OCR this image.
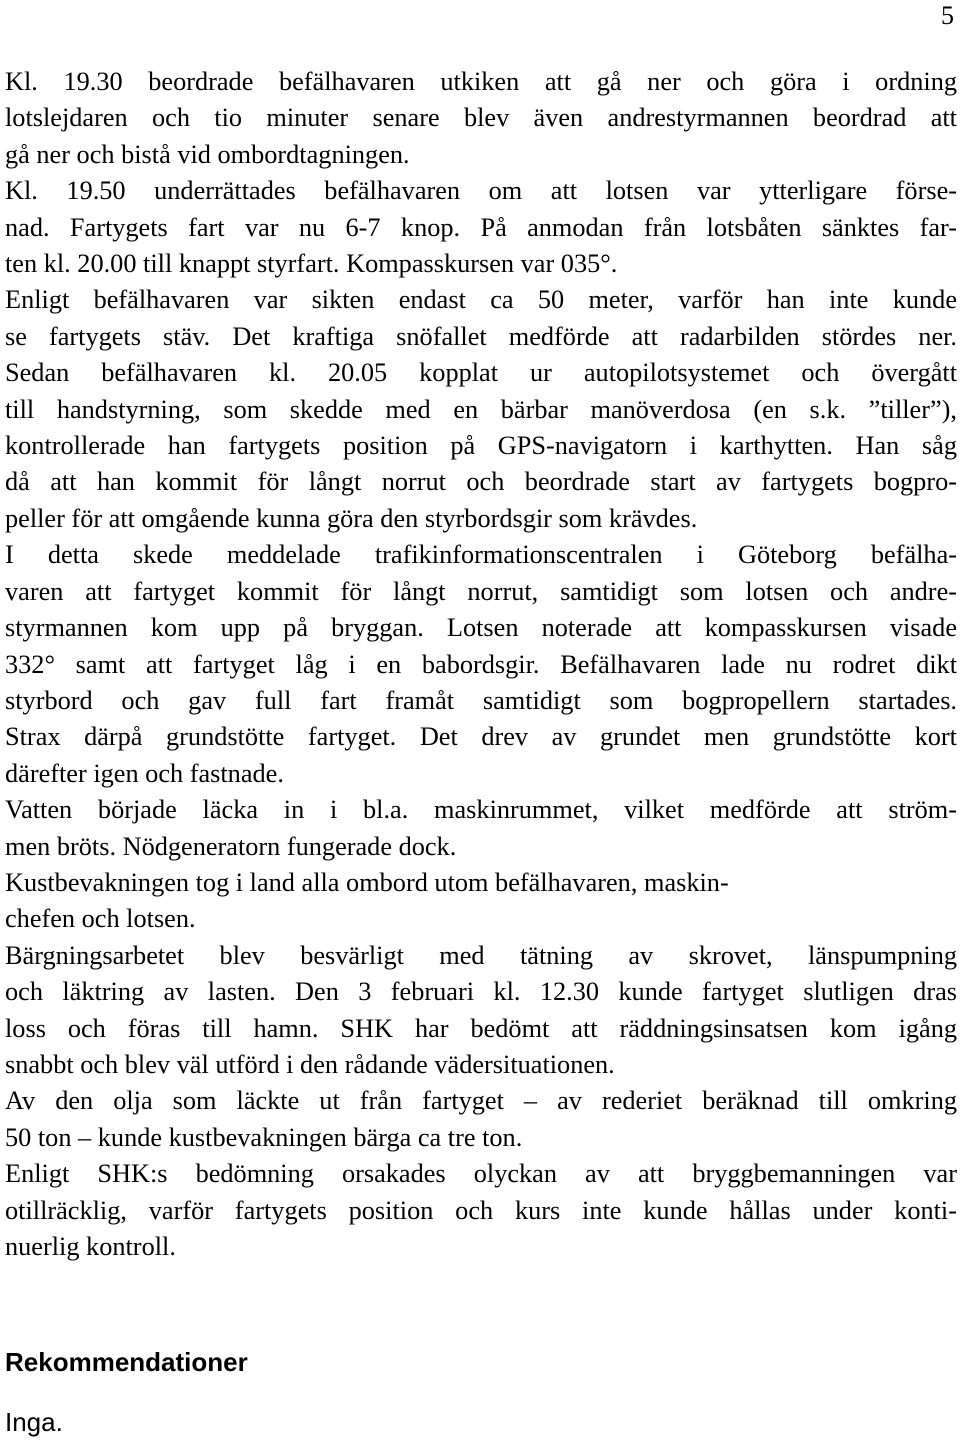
5
Kl. 19.30 beordrade befälhavaren utkiken att gå ner och göra i ordning
lotslejdaren och tio minuter senare blev även andrestyrmannen beordrad att
gå ner och bistå vid ombordtagningen.
Kl. 19.50 underrättades befälhavaren om att lotsen var ytterligare förse-
nad. Fartygets fart var nu 6-7 knop. På anmodan från lotsbåten sänktes far-
ten kl. 20.00 till knappt styrfart. Kompasskursen var 035°.
Enligt befälhavaren var sikten endast ca 50 meter, varför han inte kunde
se fartygets stäv. Det kraftiga snöfallet medförde att radarbilden stördes ner.
Sedan befälhavaren kl. 20.05 kopplat ur autopilotsystemet och övergått
till handstyrning, som skedde med en bärbar manöverdosa (en s.k. ”tiller”),
kontrollerade han fartygets position på GPS-navigatorn i karthytten. Han såg
då att han kommit för långt norrut och beordrade start av fartygets bogpro-
peller för att omgående kunna göra den styrbordsgir som krävdes.
I detta skede meddelade trafikinformationscentralen i Göteborg befälha-
varen att fartyget kommit för långt norrut, samtidigt som lotsen och andre-
styrmannen kom upp på bryggan. Lotsen noterade att kompasskursen visade
332° samt att fartyget låg i en babordsgir. Befälhavaren lade nu rodret dikt
styrbord och gav full fart framåt samtidigt som bogpropellern startades.
Strax därpå grundstötte fartyget. Det drev av grundet men grundstötte kort
därefter igen och fastnade.
Vatten började läcka in i bl.a. maskinrummet, vilket medförde att ström-
men bröts. Nödgeneratorn fungerade dock.
Kustbevakningen tog i land alla ombord utom befälhavaren, maskin-
chefen och lotsen.
Bärgningsarbetet blev besvärligt med tätning av skrovet, länspumpning
och läktring av lasten. Den 3 februari kl. 12.30 kunde fartyget slutligen dras
loss och föras till hamn. SHK har bedömt att räddningsinsatsen kom igång
snabbt och blev väl utförd i den rådande vädersituationen.
Av den olja som läckte ut från fartyget – av rederiet beräknad till omkring
50 ton – kunde kustbevakningen bärga ca tre ton.
Enligt SHK:s bedömning orsakades olyckan av att bryggbemanningen var
otillräcklig, varför fartygets position och kurs inte kunde hållas under konti-
nuerlig kontroll.
Rekommendationer

Inga.
